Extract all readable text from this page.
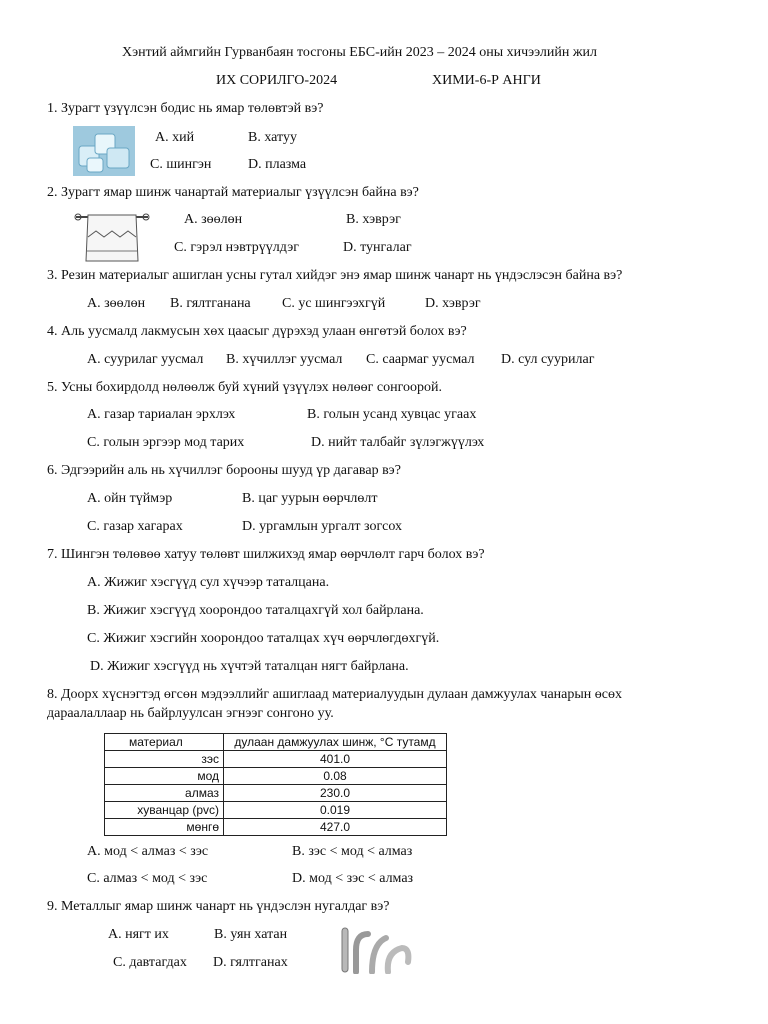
Хэнтий аймгийн Гурванбаян тосгоны ЕБС-ийн 2023 – 2024 оны хичээлийн жил
ИХ СОРИЛГО-2024	ХИМИ-6-Р АНГИ
1. Зурагт үзүүлсэн бодис нь ямар төлөвтэй вэ?
А. хий	В. хатуу
С. шингэн	D. плазма
2. Зурагт ямар шинж чанартай материалыг үзүүлсэн байна вэ?
А. зөөлөн	В. хэврэг
С. гэрэл нэвтрүүлдэг	D. тунгалаг
3. Резин материалыг ашиглан усны гутал хийдэг энэ ямар шинж чанарт нь үндэслэсэн байна вэ?
А. зөөлөн В. гялтганана С. ус шингээхгүй	D. хэврэг
4. Аль уусмалд лакмусын хөх цаасыг дүрэхэд улаан өнгөтэй болох вэ?
А. суурилаг уусмал В. хүчиллэг уусмал С. саармаг уусмал D. сул суурилаг
5. Усны бохирдолд нөлөөлж буй хүний үзүүлэх нөлөөг сонгоорой.
А. газар тариалан эрхлэх	В. голын усанд хувцас угаах
С. голын эргээр мод тарих	D. нийт талбайг зүлэгжүүлэх
6. Эдгээрийн аль нь хүчиллэг борооны шууд үр дагавар вэ?
А. ойн түймэр	В. цаг уурын өөрчлөлт
С. газар хагарах	D. ургамлын ургалт зогсох
7. Шингэн төлөвөө хатуу төлөвт шилжихэд ямар өөрчлөлт гарч болох вэ?
А. Жижиг хэсгүүд сул хүчээр таталцана.
В. Жижиг хэсгүүд хоорондоо таталцахгүй хол байрлана.
С. Жижиг хэсгийн хоорондоо таталцах хүч өөрчлөгдөхгүй.
D. Жижиг хэсгүүд нь хүчтэй таталцан нягт байрлана.
8. Доорх хүснэгтэд өгсөн мэдээллийг ашиглаад материалуудын дулаан дамжуулах чанарын өсөх
дараалаллаар нь байрлуулсан эгнээг сонгоно уу.
материал	дулаан дамжуулах шинж, °С тутамд
зэс	401.0
мод	0.08
алмаз	230.0
хуванцар (pvc)	0.019
мөнгө	427.0
А. мод < алмаз < зэс	В. зэс < мод < алмаз
С. алмаз < мод < зэс	D. мод < зэс < алмаз
9. Металлыг ямар шинж чанарт нь үндэслэн нугалдаг вэ?
А. нягт их	В. уян хатан
С. давтагдах D. гялтганах
